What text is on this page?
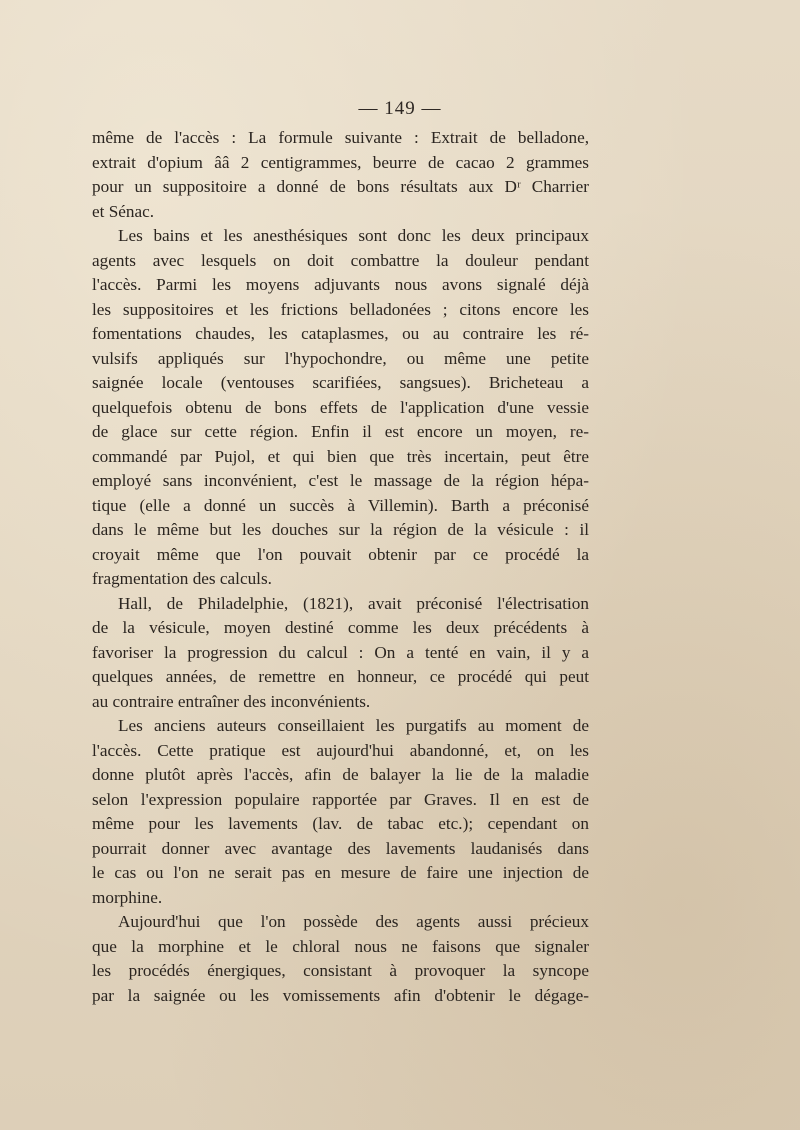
— 149 —
même de l'accès : La formule suivante : Extrait de belladone,
extrait d'opium ââ 2 centigrammes, beurre de cacao 2 grammes
pour un suppositoire a donné de bons résultats aux Dʳ Charrier
et Sénac.
Les bains et les anesthésiques sont donc les deux principaux
agents avec lesquels on doit combattre la douleur pendant
l'accès. Parmi les moyens adjuvants nous avons signalé déjà
les suppositoires et les frictions belladonées ; citons encore les
fomentations chaudes, les cataplasmes, ou au contraire les ré-
vulsifs appliqués sur l'hypochondre, ou même une petite
saignée locale (ventouses scarifiées, sangsues). Bricheteau a
quelquefois obtenu de bons effets de l'application d'une vessie
de glace sur cette région. Enfin il est encore un moyen, re-
commandé par Pujol, et qui bien que très incertain, peut être
employé sans inconvénient, c'est le massage de la région hépa-
tique (elle a donné un succès à Villemin). Barth a préconisé
dans le même but les douches sur la région de la vésicule : il
croyait même que l'on pouvait obtenir par ce procédé la
fragmentation des calculs.
Hall, de Philadelphie, (1821), avait préconisé l'électrisation
de la vésicule, moyen destiné comme les deux précédents à
favoriser la progression du calcul : On a tenté en vain, il y a
quelques années, de remettre en honneur, ce procédé qui peut
au contraire entraîner des inconvénients.
Les anciens auteurs conseillaient les purgatifs au moment de
l'accès. Cette pratique est aujourd'hui abandonné, et, on les
donne plutôt après l'accès, afin de balayer la lie de la maladie
selon l'expression populaire rapportée par Graves. Il en est de
même pour les lavements (lav. de tabac etc.); cependant on
pourrait donner avec avantage des lavements laudanisés dans
le cas ou l'on ne serait pas en mesure de faire une injection de
morphine.
Aujourd'hui que l'on possède des agents aussi précieux
que la morphine et le chloral nous ne faisons que signaler
les procédés énergiques, consistant à provoquer la syncope
par la saignée ou les vomissements afin d'obtenir le dégage-
